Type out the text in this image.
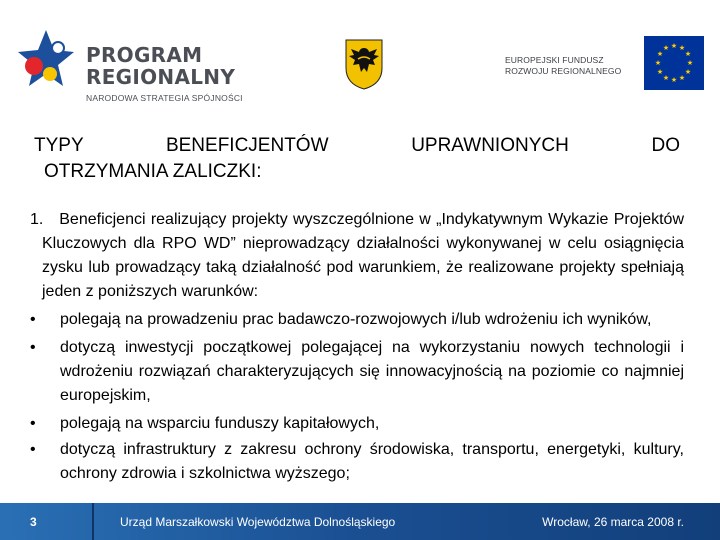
PROGRAM
REGIONALNY
NARODOWA STRATEGIA SPÓJNOŚCI
EUROPEJSKI FUNDUSZ
ROZWOJU REGIONALNEGO
★ ★
★
★
★
★
★
★
★
★
★
★
TYPY	BENEFICJENTÓW	UPRAWNIONYCH	DO
OTRZYMANIA ZALICZKI:
1. Beneficjenci realizujący projekty wyszczególnione w „Indykatywnym Wykazie Projektów Kluczowych dla RPO WD” nieprowadzący działalności wykonywanej w celu osiągnięcia zysku lub prowadzący taką działalność pod warunkiem, że realizowane projekty spełniają jeden z poniższych warunków:
•	polegają na prowadzeniu prac badawczo-rozwojowych i/lub wdrożeniu ich wyników,
•	dotyczą inwestycji początkowej polegającej na wykorzystaniu nowych technologii i wdrożeniu rozwiązań charakteryzujących się innowacyjnością na poziomie co najmniej europejskim,
•	polegają na wsparciu funduszy kapitałowych,
•	dotyczą infrastruktury z zakresu ochrony środowiska, transportu, energetyki, kultury, ochrony zdrowia i szkolnictwa wyższego;
3	Urząd Marszałkowski Województwa Dolnośląskiego	Wrocław, 26 marca 2008 r.
